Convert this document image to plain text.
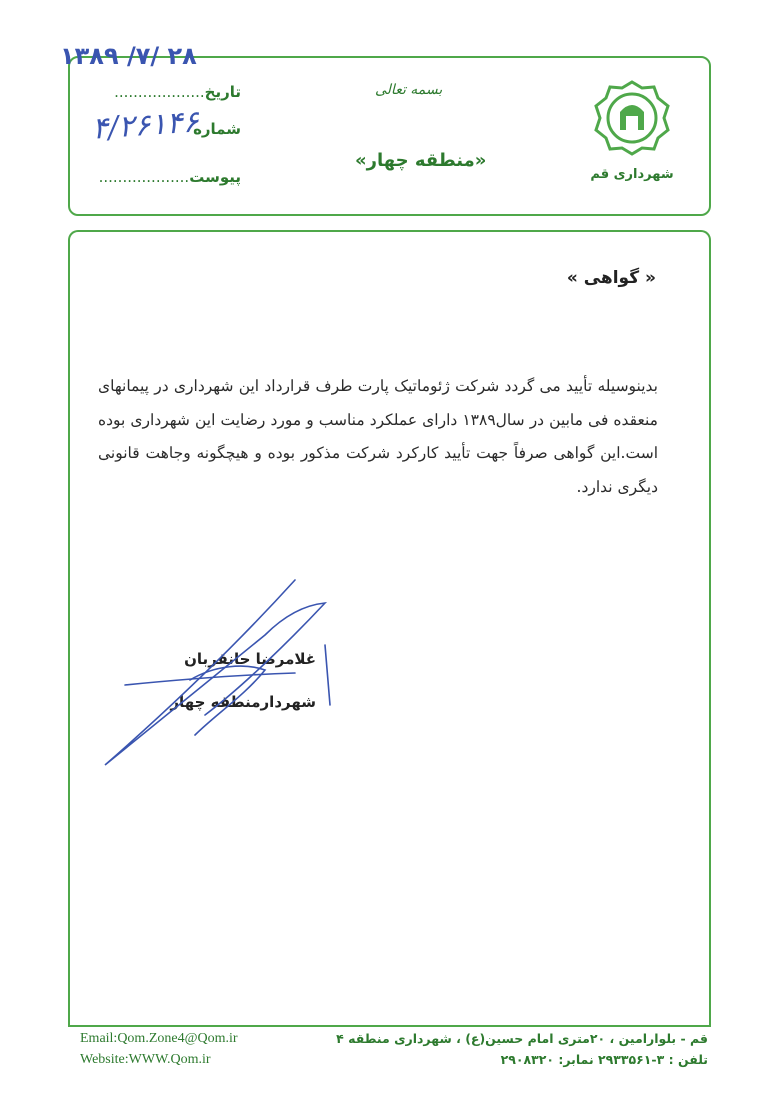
۱۳۸۹ /۷/ ۲۸
تاریخ...................
شماره
۴/۲۶۱۴۶
پیوست...................
بسمه تعالی
«منطقه چهار»
شهرداری قم
« گواهی »
بدینوسیله تأیید می گردد شرکت ژئوماتیک پارت طرف قرارداد این شهرداری در پیمانهای منعقده فی مابین در سال۱۳۸۹ دارای عملکرد مناسب و مورد رضایت این شهرداری بوده است.این گواهی صرفاً جهت تأیید کارکرد شرکت مذکور بوده و هیچگونه وجاهت قانونی دیگری ندارد.
غلامرضا جانقربان
شهردارمنطقه چهار
Email:Qom.Zone4@Qom.ir
Website:WWW.Qom.ir
قم - بلوارامین ، ۲۰متری امام حسین(ع) ، شهرداری منطقه ۴
تلفن : ۳-۲۹۳۳۵۶۱ نمابر: ۲۹۰۸۳۲۰
